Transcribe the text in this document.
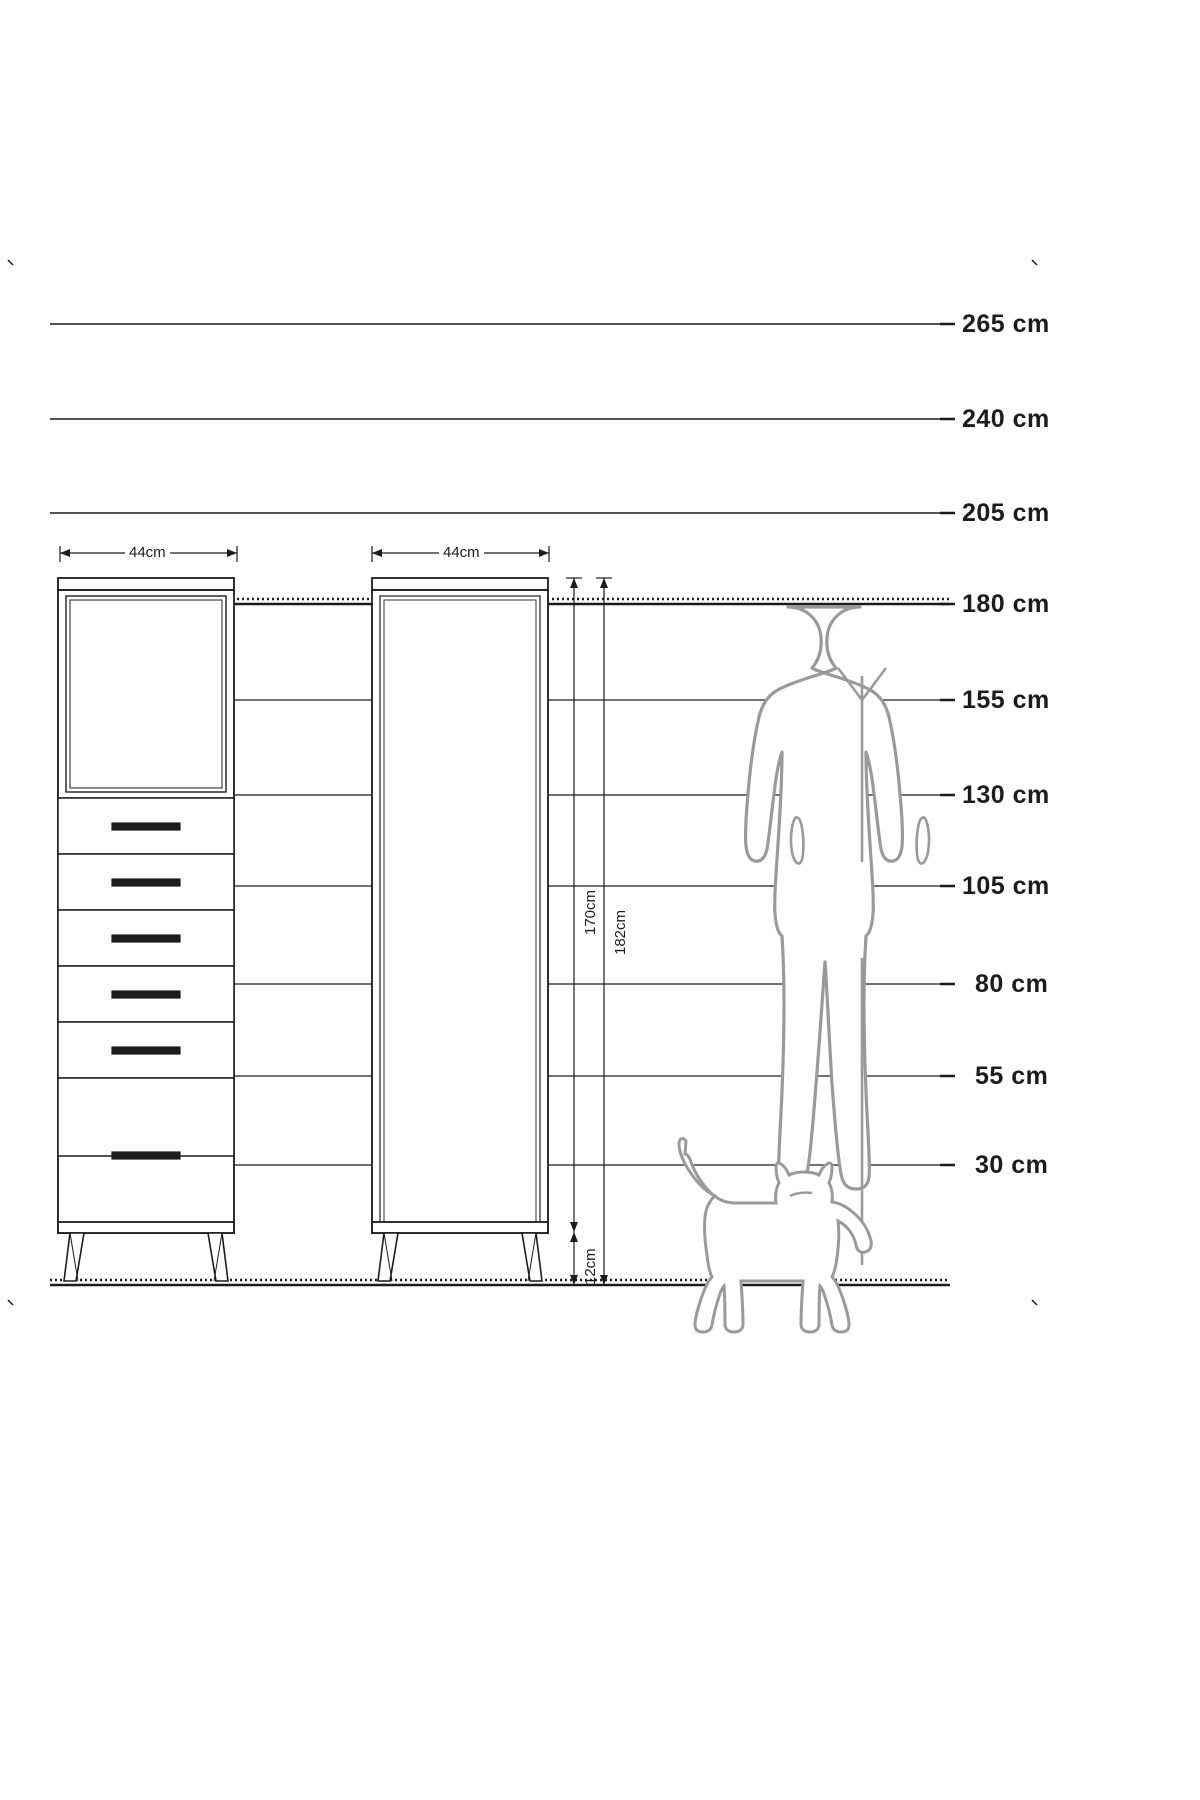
265 cm
240 cm
205 cm
180 cm
155 cm
130 cm
105 cm
80 cm
55 cm
30 cm
44cm	44cm
170cm 182cm
12cm
